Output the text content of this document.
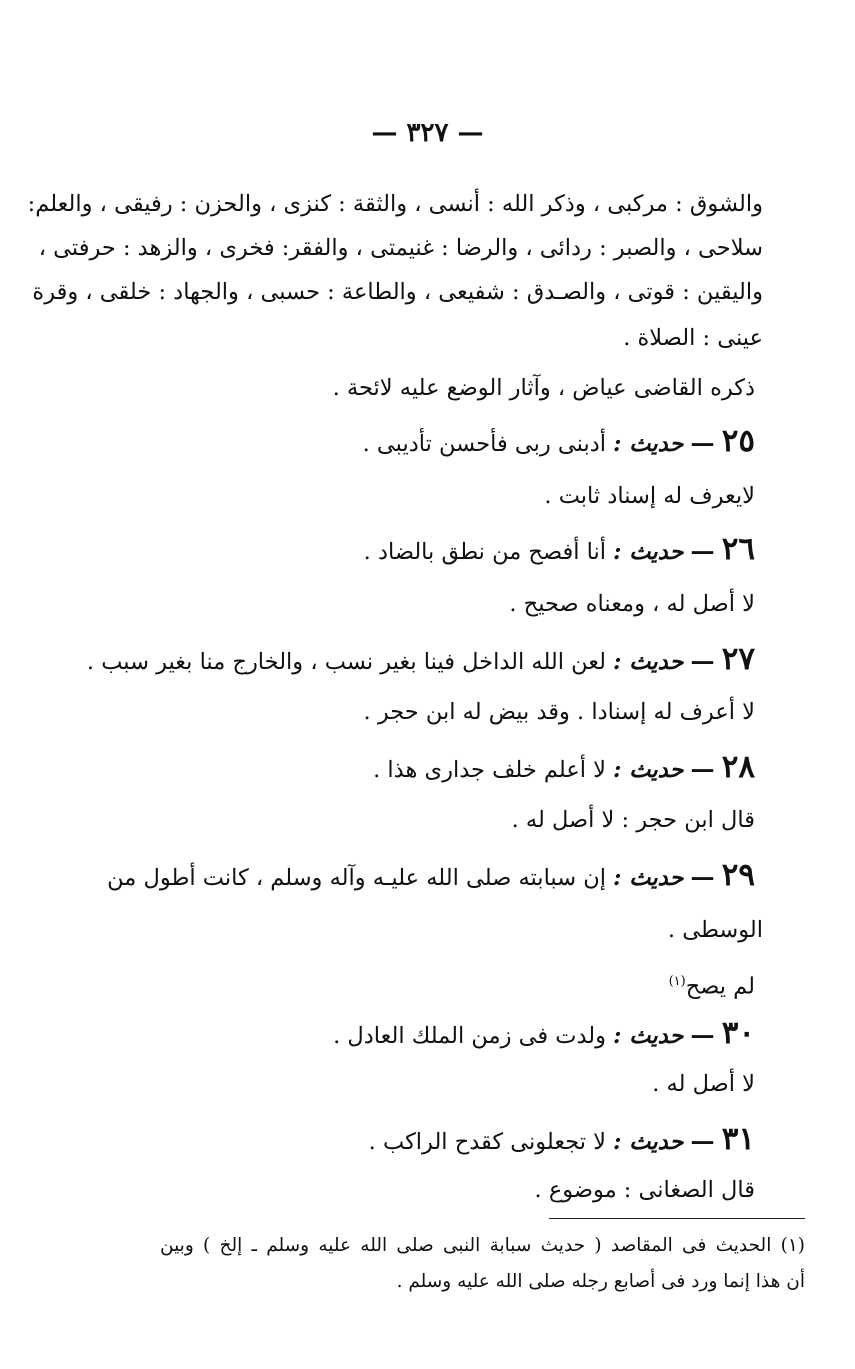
— ٣٢٧ —
والشوق : مركبى ، وذكر الله : أنسى ، والثقة : كنزى ، والحزن : رفيقى ، والعلم:
سلاحى ، والصبر : ردائى ، والرضا : غنيمتى ، والفقر: فخرى ، والزهد : حرفتى ،
واليقين : قوتى ، والصـدق : شفيعى ، والطاعة : حسبى ، والجهاد : خلقى ، وقرة
عينى : الصلاة .
ذكره القاضى عياض ، وآثار الوضع عليه لائحة .
٢٥ — حديث : أدبنى ربى فأحسن تأديبى .
لايعرف له إسناد ثابت .
٢٦ — حديث : أنا أفصح من نطق بالضاد .
لا أصل له ، ومعناه صحيح .
٢٧ — حديث : لعن الله الداخل فينا بغير نسب ، والخارج منا بغير سبب .
لا أعرف له إسنادا . وقد بيض له ابن حجر .
٢٨ — حديث : لا أعلم خلف جدارى هذا .
قال ابن حجر : لا أصل له .
٢٩ — حديث : إن سبابته صلى الله عليـه وآله وسلم ، كانت أطول من
الوسطى .
لم يصح$^{(١)}$
٣٠ — حديث : ولدت فى زمن الملك العادل .
لا أصل له .
٣١ — حديث : لا تجعلونى كقدح الراكب .
قال الصغانى : موضوع .
(١) الحديث فى المقاصد ( حديث سبابة النبى صلى الله عليه وسلم ـ إلخ ) وبين
أن هذا إنما ورد فى أصابع رجله صلى الله عليه وسلم .
